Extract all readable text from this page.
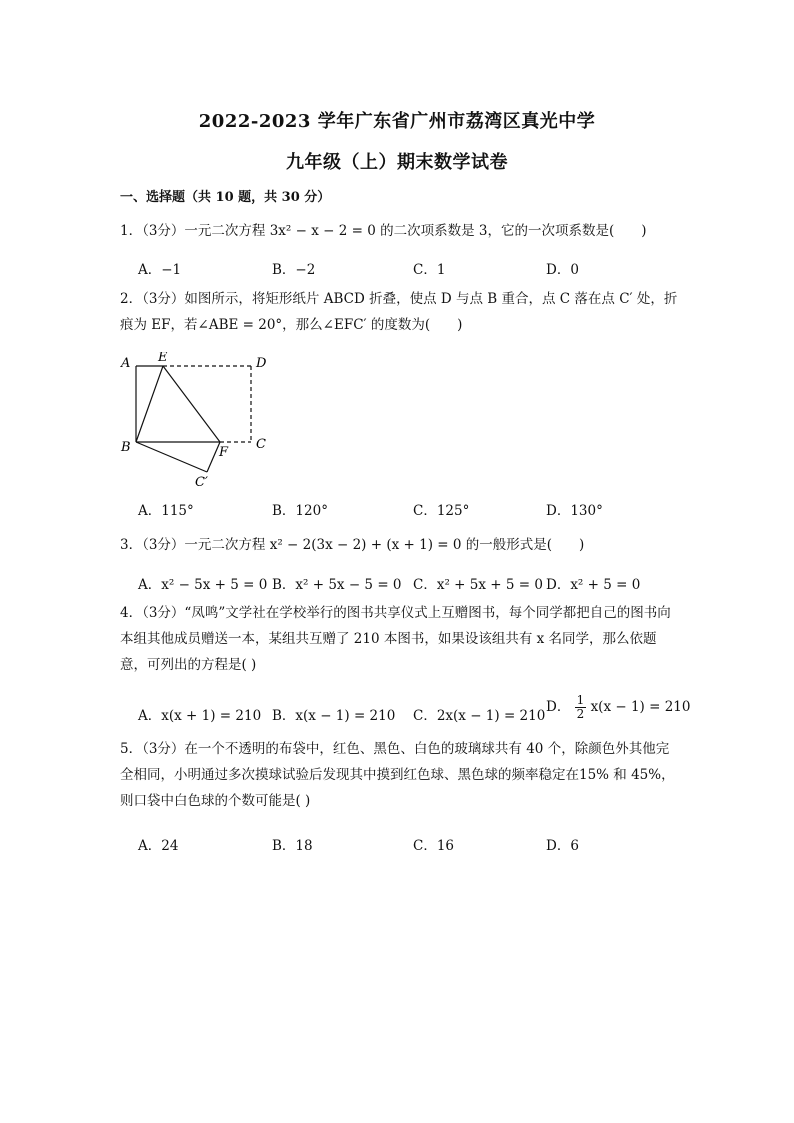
2022-2023 学年广东省广州市荔湾区真光中学
九年级（上）期末数学试卷
一、选择题（共 10 题，共 30 分）
1．（3分）一元二次方程 3x² − x − 2 = 0 的二次项系数是 3，它的一次项系数是(　　)
A．−1	B．−2	C．1	D．0
2．（3分）如图所示，将矩形纸片 ABCD 折叠，使点 D 与点 B 重合，点 C 落在点 C′ 处，折痕为 EF，若∠ABE = 20°，那么∠EFC′ 的度数为(　　)
A E	D
B	F
C
C′
A．115°	B．120°	C．125°	D．130°
3．（3分）一元二次方程 x² − 2(3x − 2) + (x + 1) = 0 的一般形式是(　　)
A．x² − 5x + 5 = 0 B．x² + 5x − 5 = 0 C．x² + 5x + 5 = 0 D．x² + 5 = 0
4．（3分）“凤鸣”文学社在学校举行的图书共享仪式上互赠图书，每个同学都把自己的图书向本组其他成员赠送一本，某组共互赠了 210 本图书，如果设该组共有 x 名同学，那么依题意，可列出的方程是( )
A．x(x + 1) = 210 B．x(x − 1) = 210 C．2x(x − 1) = 210
D． $\frac{1}{2} x(x - 1) = 210$
5．（3分）在一个不透明的布袋中，红色、黑色、白色的玻璃球共有 40 个，除颜色外其他完全相同，小明通过多次摸球试验后发现其中摸到红色球、黑色球的频率稳定在15% 和 45%，则口袋中白色球的个数可能是( )
A．24	B．18	C．16	D．6
